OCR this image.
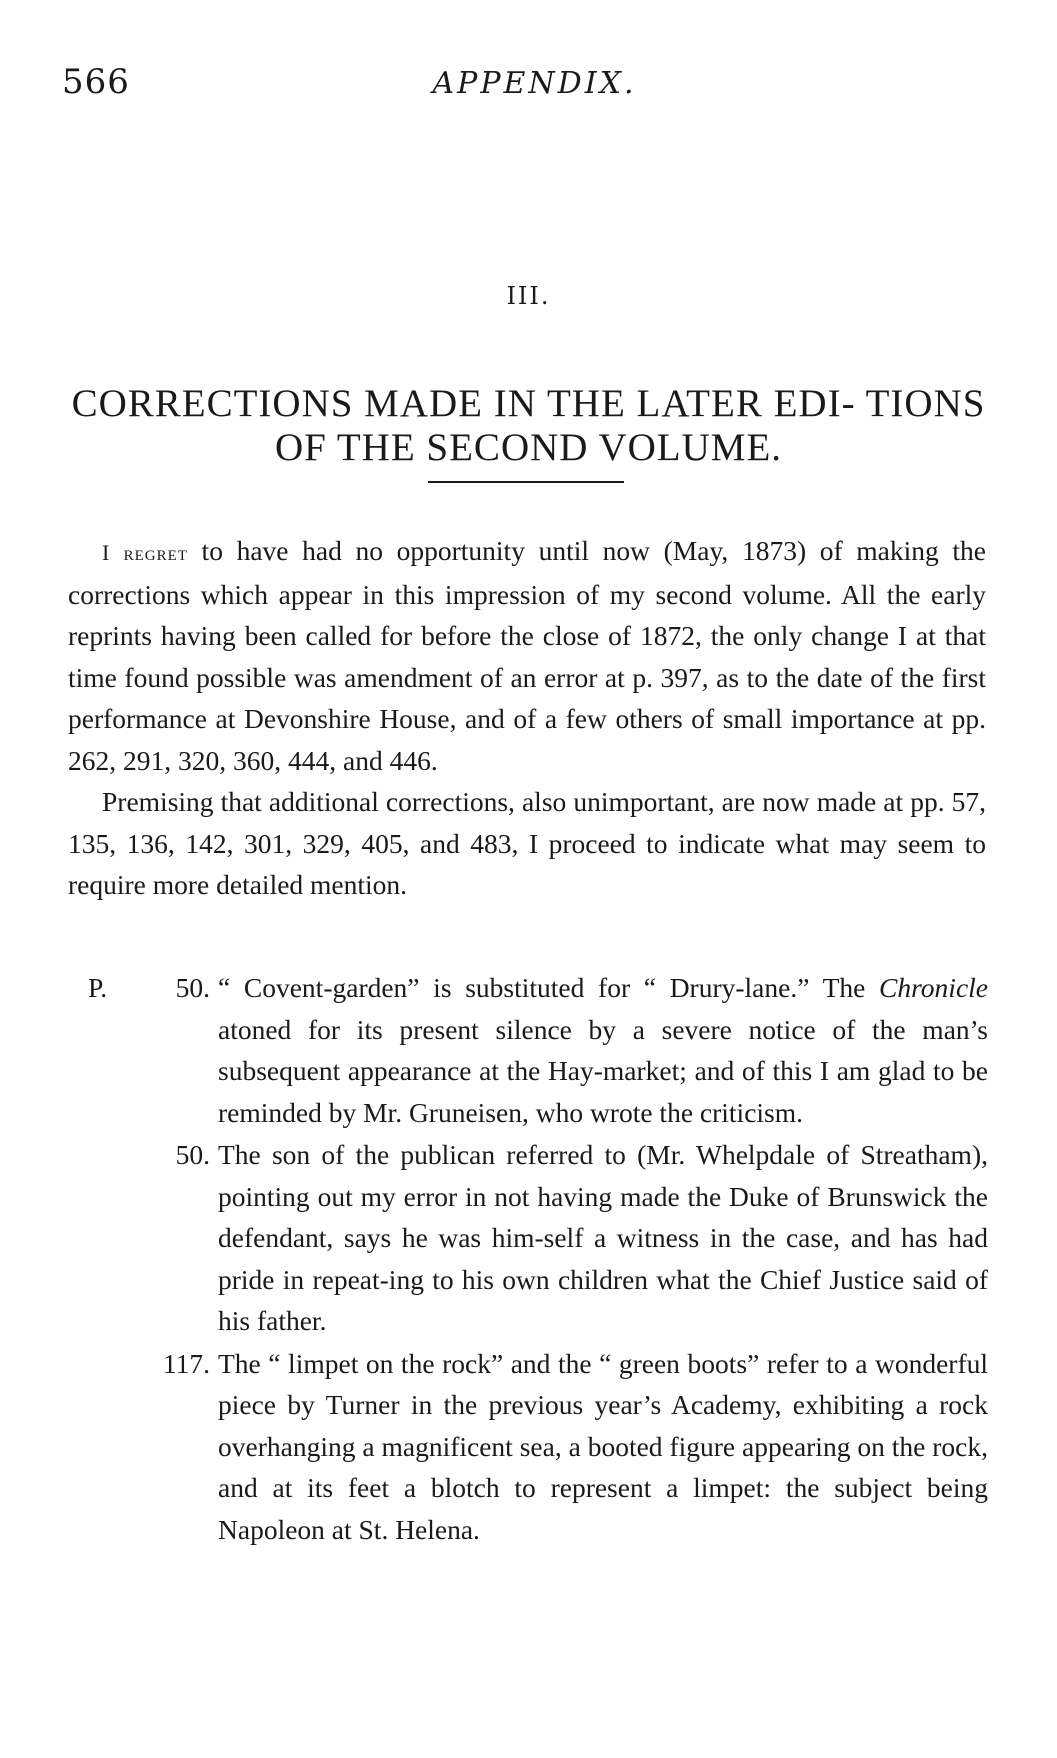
566	APPENDIX.
III.
CORRECTIONS MADE IN THE LATER EDI- TIONS OF THE SECOND VOLUME.

I regret to have had no opportunity until now (May, 1873) of making the corrections which appear in this impression of my second volume. All the early reprints having been called for before the close of 1872, the only change I at that time found possible was amendment of an error at p. 397, as to the date of the first performance at Devonshire House, and of a few others of small importance at pp. 262, 291, 320, 360, 444, and 446.

Premising that additional corrections, also unimportant, are now made at pp. 57, 135, 136, 142, 301, 329, 405, and 483, I proceed to indicate what may seem to require more detailed mention.

P. 50. “ Covent-garden” is substituted for “ Drury-lane.” The Chronicle atoned for its present silence by a severe notice of the man’s subsequent appearance at the Hay-market; and of this I am glad to be reminded by Mr. Gruneisen, who wrote the criticism.
50. The son of the publican referred to (Mr. Whelpdale of Streatham), pointing out my error in not having made the Duke of Brunswick the defendant, says he was him-self a witness in the case, and has had pride in repeat-ing to his own children what the Chief Justice said of his father.
117. The “ limpet on the rock” and the “ green boots” refer to a wonderful piece by Turner in the previous year’s Academy, exhibiting a rock overhanging a magnificent sea, a booted figure appearing on the rock, and at its feet a blotch to represent a limpet: the subject being Napoleon at St. Helena.
